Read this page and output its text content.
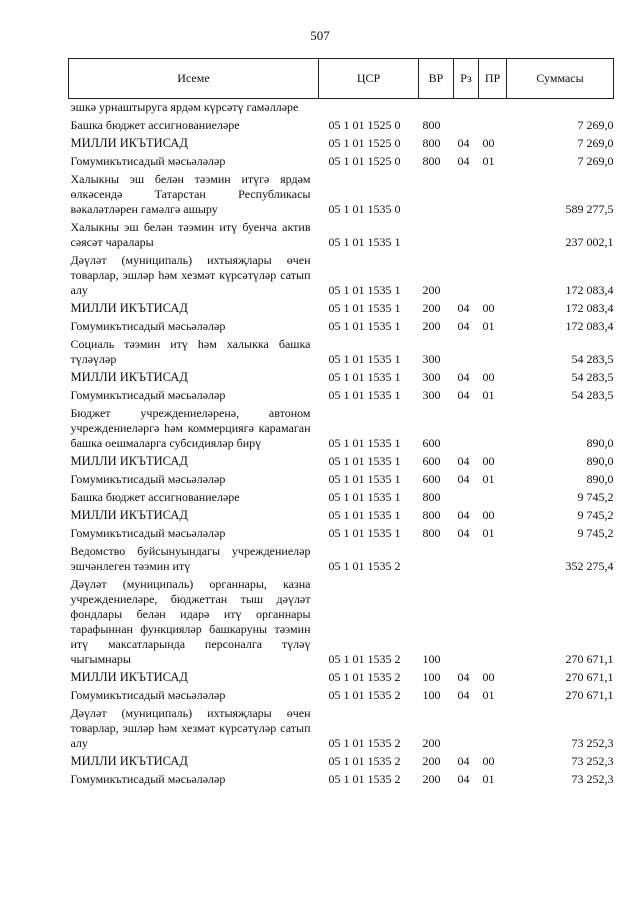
507
Исеме	ЦСР	ВР	Рз	ПР	Суммасы
эшкә урнаштыруга ярдәм күрсәтү гамәлләре					
Башка бюджет ассигнованиеләре	05 1 01 1525 0	800			7 269,0
МИЛЛИ ИКЪТИСАД	05 1 01 1525 0	800	04	00	7 269,0
Гомумикътисадый мәсьәләләр	05 1 01 1525 0	800	04	01	7 269,0
Халыкны эш белән тәэмин итүгә ярдәм өлкәсендә Татарстан Республикасы вәкаләтләрен гамәлгә ашыру	05 1 01 1535 0				589 277,5
Халыкны эш белән тәэмин итү буенча актив сәясәт чаралары	05 1 01 1535 1				237 002,1
Дәүләт (муниципаль) ихтыяҗлары өчен товарлар, эшләр һәм хезмәт күрсәтүләр сатып алу	05 1 01 1535 1	200			172 083,4
МИЛЛИ ИКЪТИСАД	05 1 01 1535 1	200	04	00	172 083,4
Гомумикътисадый мәсьәләләр	05 1 01 1535 1	200	04	01	172 083,4
Социаль тәэмин итү һәм халыкка башка түләүләр	05 1 01 1535 1	300			54 283,5
МИЛЛИ ИКЪТИСАД	05 1 01 1535 1	300	04	00	54 283,5
Гомумикътисадый мәсьәләләр	05 1 01 1535 1	300	04	01	54 283,5
Бюджет учреждениеләренә, автоном учреждениеләргә һәм коммерциягә карамаган башка оешмаларга субсидияләр бирү	05 1 01 1535 1	600			890,0
МИЛЛИ ИКЪТИСАД	05 1 01 1535 1	600	04	00	890,0
Гомумикътисадый мәсьәләләр	05 1 01 1535 1	600	04	01	890,0
Башка бюджет ассигнованиеләре	05 1 01 1535 1	800			9 745,2
МИЛЛИ ИКЪТИСАД	05 1 01 1535 1	800	04	00	9 745,2
Гомумикътисадый мәсьәләләр	05 1 01 1535 1	800	04	01	9 745,2
Ведомство буйсынуындагы учреждениеләр эшчәнлеген тәэмин итү	05 1 01 1535 2				352 275,4
Дәүләт (муниципаль) органнары, казна учреждениеләре, бюджеттан тыш дәүләт фондлары белән идарә итү органнары тарафыннан функцияләр башкаруны тәэмин итү максатларында персоналга түләү чыгымнары	05 1 01 1535 2	100			270 671,1
МИЛЛИ ИКЪТИСАД	05 1 01 1535 2	100	04	00	270 671,1
Гомумикътисадый мәсьәләләр	05 1 01 1535 2	100	04	01	270 671,1
Дәүләт (муниципаль) ихтыяҗлары өчен товарлар, эшләр һәм хезмәт күрсәтүләр сатып алу	05 1 01 1535 2	200			73 252,3
МИЛЛИ ИКЪТИСАД	05 1 01 1535 2	200	04	00	73 252,3
Гомумикътисадый мәсьәләләр	05 1 01 1535 2	200	04	01	73 252,3
